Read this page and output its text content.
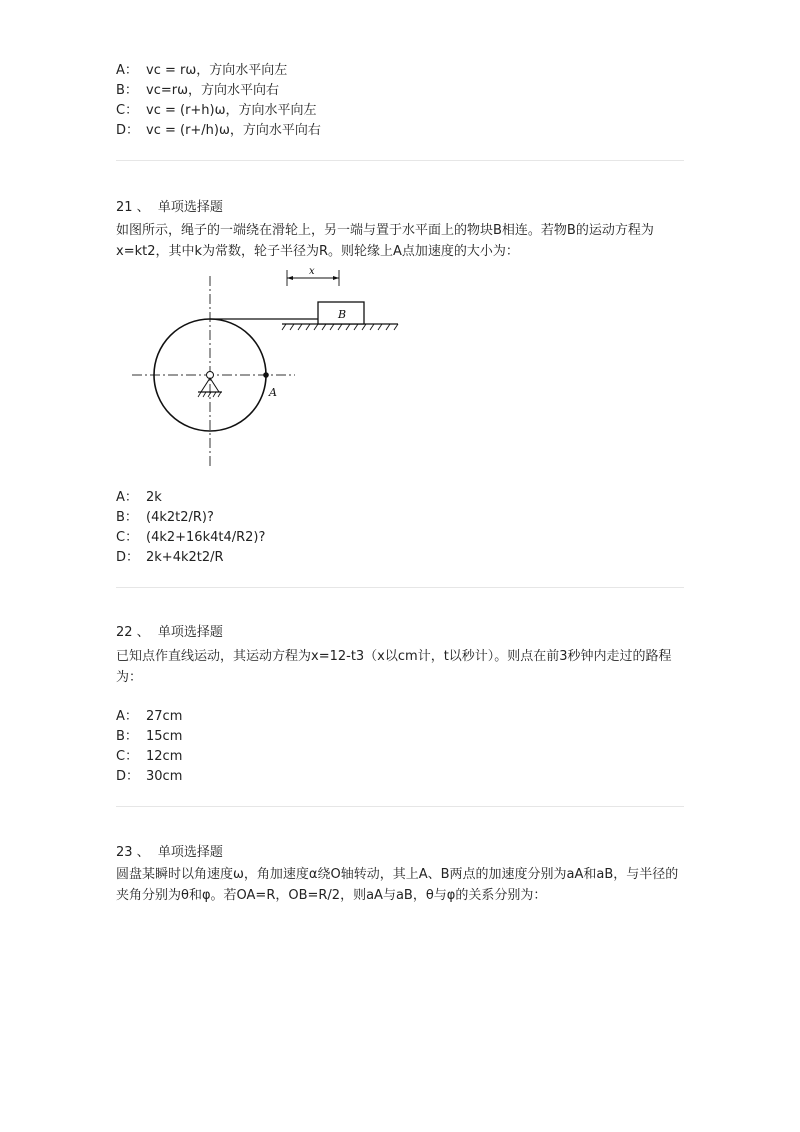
A： vc = rω，方向水平向左
B： vc=rω，方向水平向右
C： vc = (r+h)ω，方向水平向左
D： vc = (r+/h)ω，方向水平向右
21 、 单项选择题
如图所示，绳子的一端绕在滑轮上，另一端与置于水平面上的物块B相连。若物B的运动方程为x=kt2，其中k为常数，轮子半径为R。则轮缘上A点加速度的大小为：
B
x
A
A： 2k
B： (4k2t2/R)?
C： (4k2+16k4t4/R2)?
D： 2k+4k2t2/R
22 、 单项选择题
已知点作直线运动，其运动方程为x=12-t3（x以cm计，t以秒计）。则点在前3秒钟内走过的路程为：
A： 27cm
B： 15cm
C： 12cm
D： 30cm
23 、 单项选择题
圆盘某瞬时以角速度ω，角加速度α绕O轴转动，其上A、B两点的加速度分别为aA和aB，与半径的夹角分别为θ和φ。若OA=R，OB=R/2，则aA与aB，θ与φ的关系分别为：
